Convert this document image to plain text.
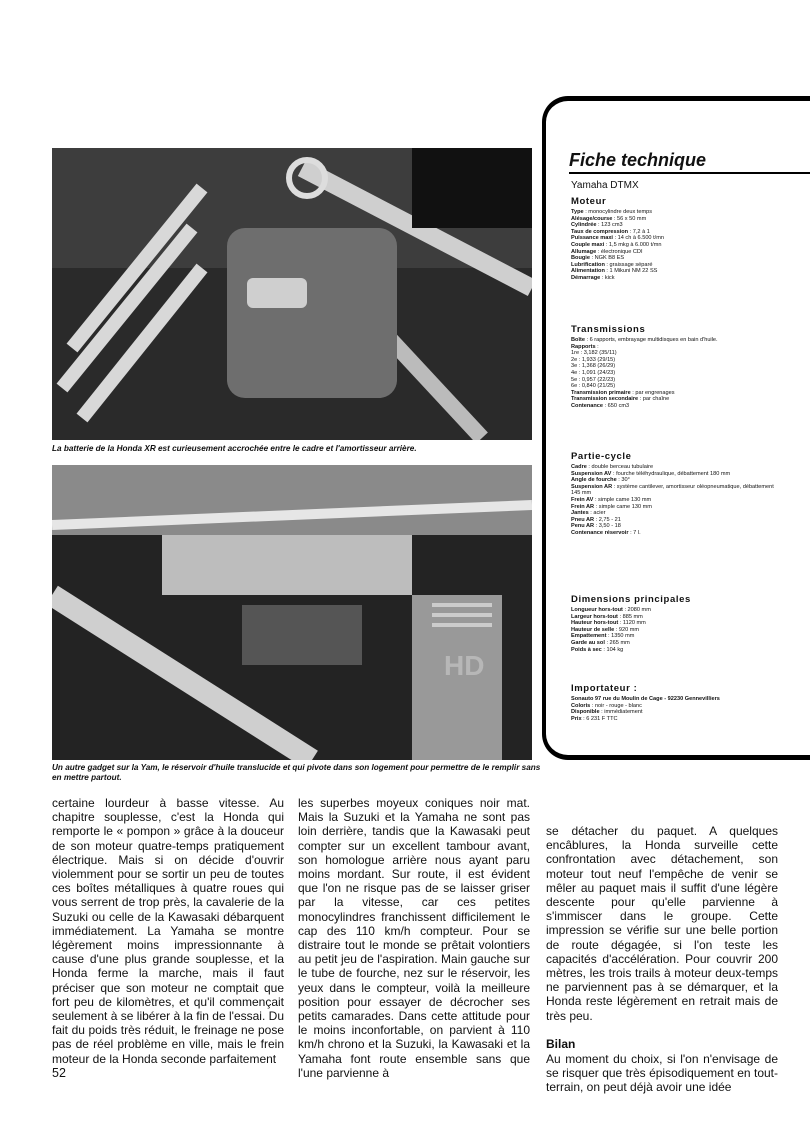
La batterie de la Honda XR est curieusement accrochée entre le cadre et l'amortisseur arrière.
HD
Un autre gadget sur la Yam, le réservoir d'huile translucide et qui pivote dans son logement pour permettre de le remplir sans en mettre partout.
Fiche technique
Yamaha DTMX
Moteur
Type : monocylindre deux temps
Alésage/course : 56 x 50 mm
Cylindrée : 123 cm3
Taux de compression : 7,2 à 1
Puissance maxi : 14 ch à 6.500 t/mn
Couple maxi : 1,5 mkg à 6.000 t/mn
Allumage : électronique CDI
Bougie : NGK B8 ES
Lubrification : graissage séparé
Alimentation : 1 Mikuni NM 22 SS
Démarrage : kick
Transmissions
Boîte : 6 rapports, embrayage multidisques en bain d'huile.
Rapports :
1re : 3,182 (35/11)
2e : 1,933 (29/15)
3e : 1,368 (26/29)
4e : 1,091 (24/23)
5e : 0,957 (22/23)
6e : 0,840 (21/25)
Transmission primaire : par engrenages
Transmission secondaire : par chaîne
Contenance : 650 cm3
Partie-cycle
Cadre : double berceau tubulaire
Suspension AV : fourche téléhydraulique, débattement 180 mm
Angle de fourche : 30°
Suspension AR : système cantilever, amortisseur oléopneumatique, débattement 145 mm
Frein AV : simple came 130 mm
Frein AR : simple came 130 mm
Jantes : acier
Pneu AR : 2,75 - 21
Penu AR : 3,50 - 18
Contenance réservoir : 7 l.
Dimensions principales
Longueur hors-tout : 2080 mm
Largeur hors-tout : 885 mm
Hauteur hors-tout : 1120 mm
Hauteur de selle : 920 mm
Empattement : 1350 mm
Garde au sol : 265 mm
Poids à sec : 104 kg
Importateur :
Sonauto 97 rue du Moulin de Cage - 92230 Gennevilliers
Coloris : noir - rouge - blanc
Disponible : immédiatement
Prix : 6 231 F TTC
certaine lourdeur à basse vitesse. Au chapitre souplesse, c'est la Honda qui remporte le « pompon » grâce à la douceur de son moteur quatre-temps pratiquement électrique. Mais si on décide d'ouvrir violemment pour se sortir un peu de toutes ces boîtes métalliques à quatre roues qui vous serrent de trop près, la cavalerie de la Suzuki ou celle de la Kawasaki débarquent immédiatement. La Yamaha se montre légèrement moins impressionnante à cause d'une plus grande souplesse, et la Honda ferme la marche, mais il faut préciser que son moteur ne comptait que fort peu de kilomètres, et qu'il commençait seulement à se libérer à la fin de l'essai. Du fait du poids très réduit, le freinage ne pose pas de réel problème en ville, mais le frein moteur de la Honda seconde parfaitement
les superbes moyeux coniques noir mat. Mais la Suzuki et la Yamaha ne sont pas loin derrière, tandis que la Kawasaki peut compter sur un excellent tambour avant, son homologue arrière nous ayant paru moins mordant. Sur route, il est évident que l'on ne risque pas de se laisser griser par la vitesse, car ces petites monocylindres franchissent difficilement le cap des 110 km/h compteur. Pour se distraire tout le monde se prêtait volontiers au petit jeu de l'aspiration. Main gauche sur le tube de fourche, nez sur le réservoir, les yeux dans le compteur, voilà la meilleure position pour essayer de décrocher ses petits camarades. Dans cette attitude pour le moins inconfortable, on parvient à 110 km/h chrono et la Suzuki, la Kawasaki et la Yamaha font route ensemble sans que l'une parvienne à
se détacher du paquet. A quelques encâblures, la Honda surveille cette confrontation avec détachement, son moteur tout neuf l'empêche de venir se mêler au paquet mais il suffit d'une légère descente pour qu'elle parvienne à s'immiscer dans le groupe. Cette impression se vérifie sur une belle portion de route dégagée, si l'on teste les capacités d'accélération. Pour couvrir 200 mètres, les trois trails à moteur deux-temps ne parviennent pas à se démarquer, et la Honda reste légèrement en retrait mais de très peu.
Bilan
Au moment du choix, si l'on n'envisage de se risquer que très épisodiquement en tout-terrain, on peut déjà avoir une idée
52
